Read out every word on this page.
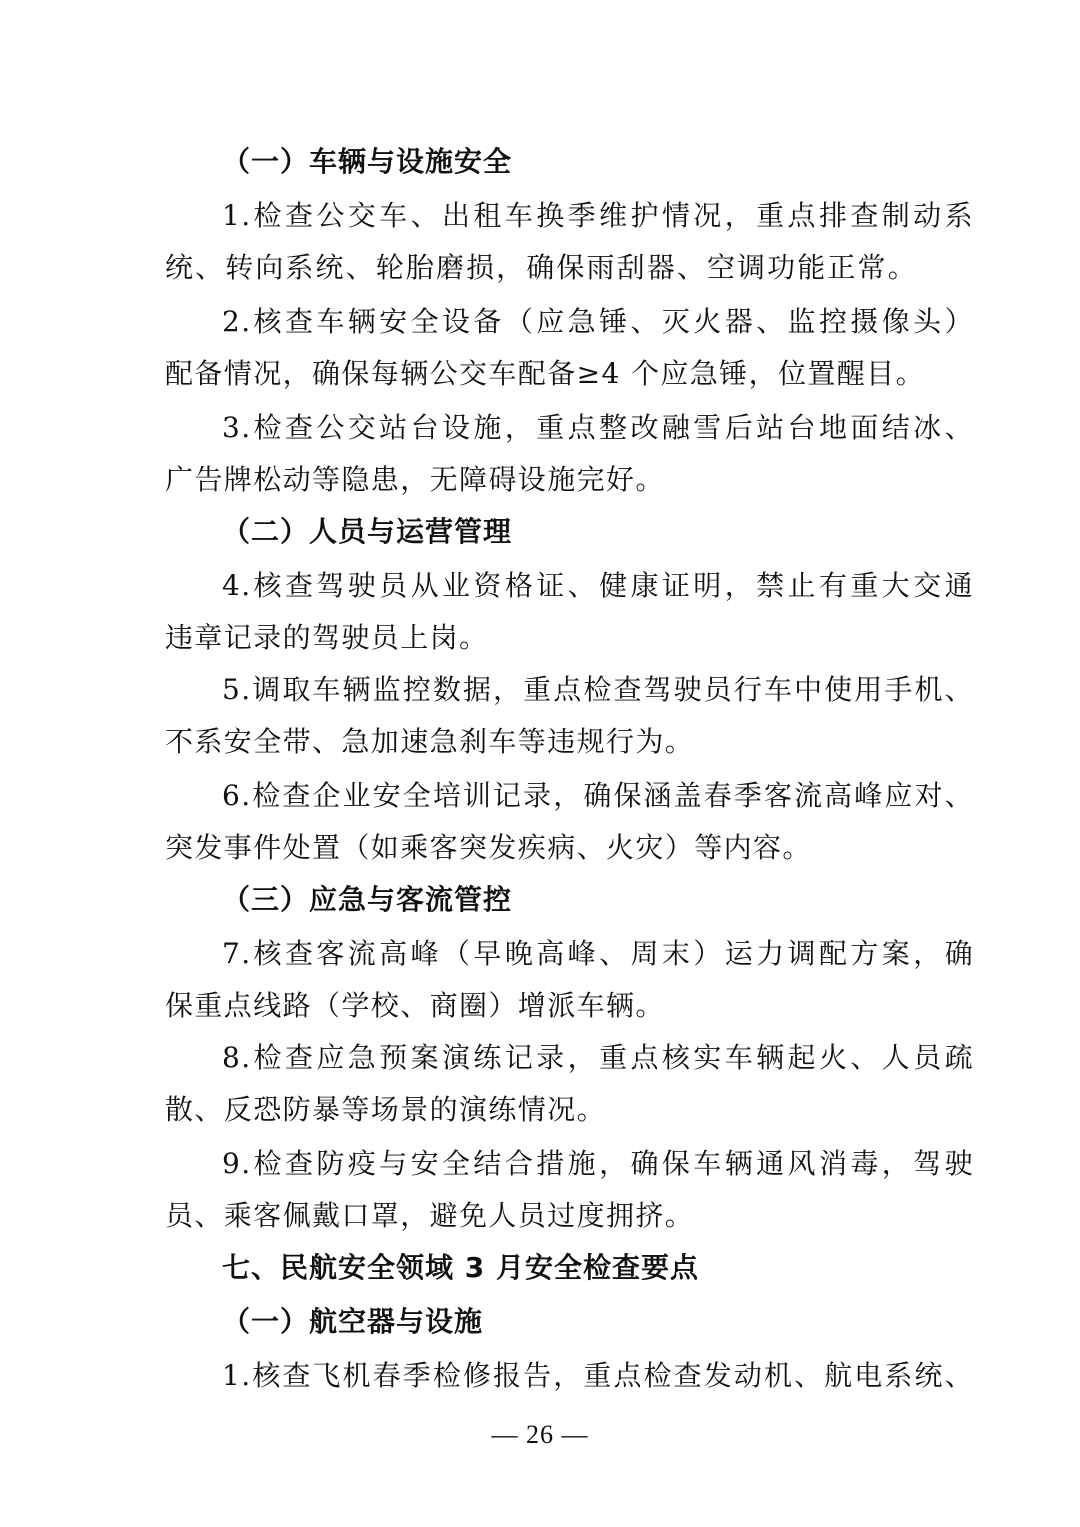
（一）车辆与设施安全
1.检查公交车、出租车换季维护情况，重点排查制动系
统、转向系统、轮胎磨损，确保雨刮器、空调功能正常。
2.核查车辆安全设备（应急锤、灭火器、监控摄像头）
配备情况，确保每辆公交车配备≥4 个应急锤，位置醒目。
3.检查公交站台设施，重点整改融雪后站台地面结冰、
广告牌松动等隐患，无障碍设施完好。
（二）人员与运营管理
4.核查驾驶员从业资格证、健康证明，禁止有重大交通
违章记录的驾驶员上岗。
5.调取车辆监控数据，重点检查驾驶员行车中使用手机、
不系安全带、急加速急刹车等违规行为。
6.检查企业安全培训记录，确保涵盖春季客流高峰应对、
突发事件处置（如乘客突发疾病、火灾）等内容。
（三）应急与客流管控
7.核查客流高峰（早晚高峰、周末）运力调配方案，确
保重点线路（学校、商圈）增派车辆。
8.检查应急预案演练记录，重点核实车辆起火、人员疏
散、反恐防暴等场景的演练情况。
9.检查防疫与安全结合措施，确保车辆通风消毒，驾驶
员、乘客佩戴口罩，避免人员过度拥挤。
七、民航安全领域 3 月安全检查要点
（一）航空器与设施
1.核查飞机春季检修报告，重点检查发动机、航电系统、
— 26 —
